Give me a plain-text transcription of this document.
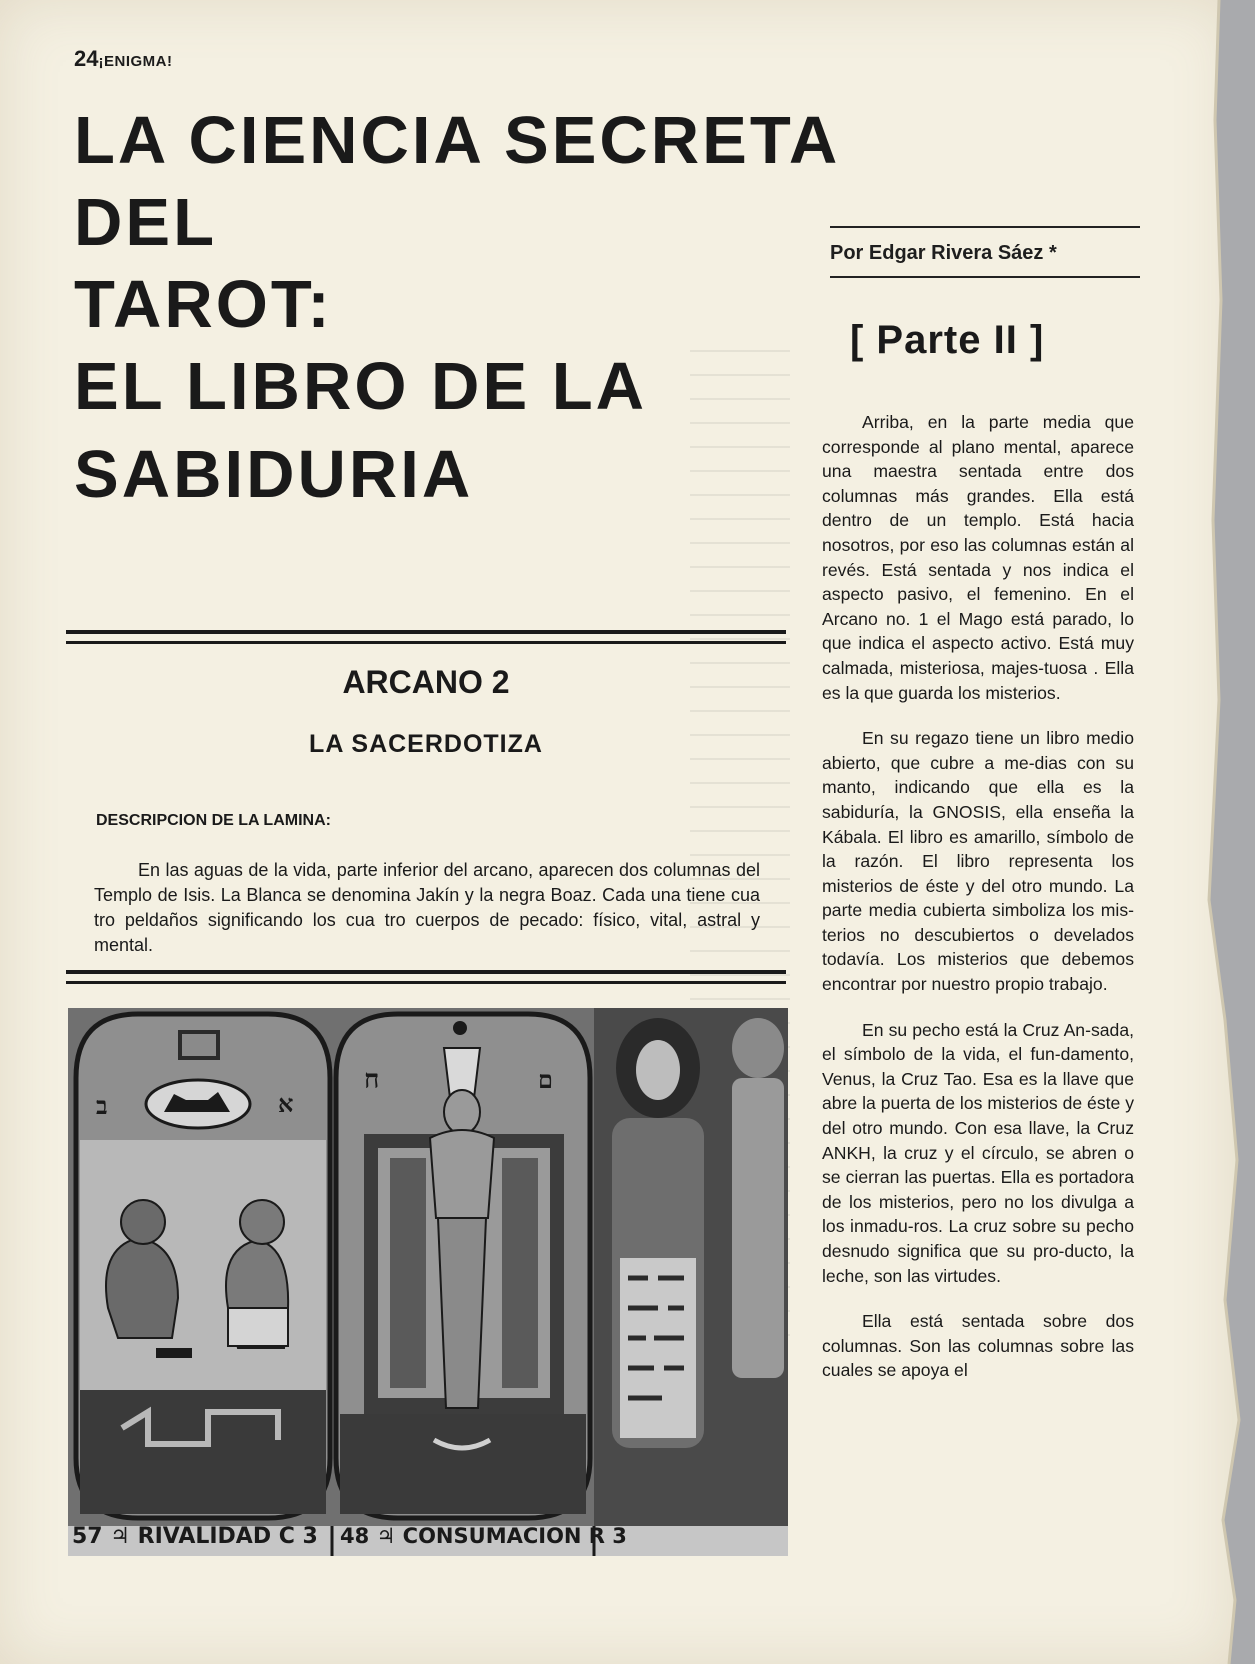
24¡ENIGMA!
LA CIENCIA SECRETA
DEL
TAROT:
EL LIBRO DE LA
SABIDURIA
Por Edgar Rivera Sáez *
[ Parte II ]
ARCANO 2
LA SACERDOTIZA
DESCRIPCION DE LA LAMINA:

En las aguas de la vida, parte inferior del arcano, aparecen dos columnas del Templo de Isis. La Blanca se denomina Jakín y la negra Boaz. Cada una tiene cua tro peldaños significando los cua tro cuerpos de pecado: físico, vital, astral y mental.

Arriba, en la parte media que corresponde al plano mental, aparece una maestra sentada entre dos columnas más grandes. Ella está dentro de un templo. Está hacia nosotros, por eso las columnas están al revés. Está sentada y nos indica el aspecto pasivo, el femenino. En el Arcano no. 1 el Mago está parado, lo que indica el aspecto activo. Está muy calmada, misteriosa, majes-tuosa . Ella es la que guarda los misterios.

En su regazo tiene un libro medio abierto, que cubre a me-dias con su manto, indicando que ella es la sabiduría, la GNOSIS, ella enseña la Kábala. El libro es amarillo, símbolo de la razón. El libro representa los misterios de éste y del otro mundo. La parte media cubierta simboliza los mis-terios no descubiertos o develados todavía. Los misterios que debemos encontrar por nuestro propio trabajo.

En su pecho está la Cruz An-sada, el símbolo de la vida, el fun-damento, Venus, la Cruz Tao. Esa es la llave que abre la puerta de los misterios de éste y del otro mundo. Con esa llave, la Cruz ANKH, la cruz y el círculo, se abren o se cierran las puertas. Ella es portadora de los misterios, pero no los divulga a los inmadu-ros. La cruz sobre su pecho desnudo significa que su pro-ducto, la leche, son las virtudes.

Ella está sentada sobre dos columnas. Son las columnas sobre las cuales se apoya el

ב	א
ח	ם
57 ♃ RIVALIDAD C 3 48 ♃ CONSUMACION R 3
